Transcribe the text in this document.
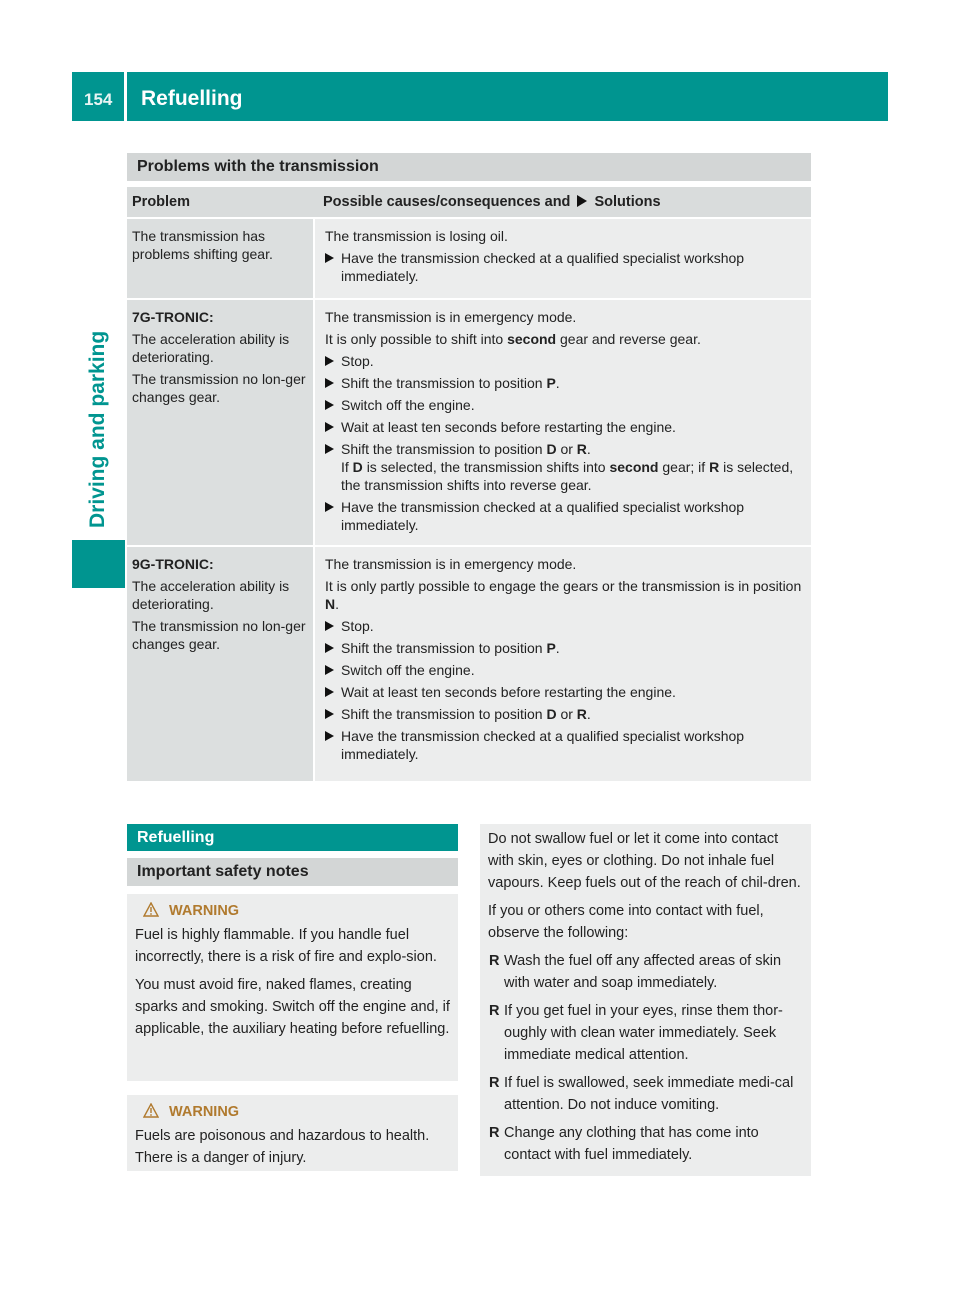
154 Refuelling
Driving and parking
Problems with the transmission
Problem	Possible causes/consequences and Solutions
The transmission has problems shifting gear.
The transmission is losing oil.
Have the transmission checked at a qualified specialist workshop immediately.
7G-TRONIC:
The acceleration ability is deteriorating.
The transmission no lon-ger changes gear.
The transmission is in emergency mode.
It is only possible to shift into second gear and reverse gear.
Stop.
Shift the transmission to position P.
Switch off the engine.
Wait at least ten seconds before restarting the engine.
Shift the transmission to position D or R.
If D is selected, the transmission shifts into second gear; if R is selected, the transmission shifts into reverse gear.
Have the transmission checked at a qualified specialist workshop immediately.
9G-TRONIC:
The acceleration ability is deteriorating.
The transmission no lon-ger changes gear.
The transmission is in emergency mode.
It is only partly possible to engage the gears or the transmission is in position N.
Stop.
Shift the transmission to position P.
Switch off the engine.
Wait at least ten seconds before restarting the engine.
Shift the transmission to position D or R.
Have the transmission checked at a qualified specialist workshop immediately.
Refuelling
Important safety notes
WARNING

Fuel is highly flammable. If you handle fuel incorrectly, there is a risk of fire and explo-sion.

You must avoid fire, naked flames, creating sparks and smoking. Switch off the engine and, if applicable, the auxiliary heating before refuelling.

WARNING

Fuels are poisonous and hazardous to health. There is a danger of injury.

Do not swallow fuel or let it come into contact with skin, eyes or clothing. Do not inhale fuel vapours. Keep fuels out of the reach of chil-dren.

If you or others come into contact with fuel, observe the following:

R Wash the fuel off any affected areas of skin with water and soap immediately.
R If you get fuel in your eyes, rinse them thor-oughly with clean water immediately. Seek immediate medical attention.
R If fuel is swallowed, seek immediate medi-cal attention. Do not induce vomiting.
R Change any clothing that has come into contact with fuel immediately.
